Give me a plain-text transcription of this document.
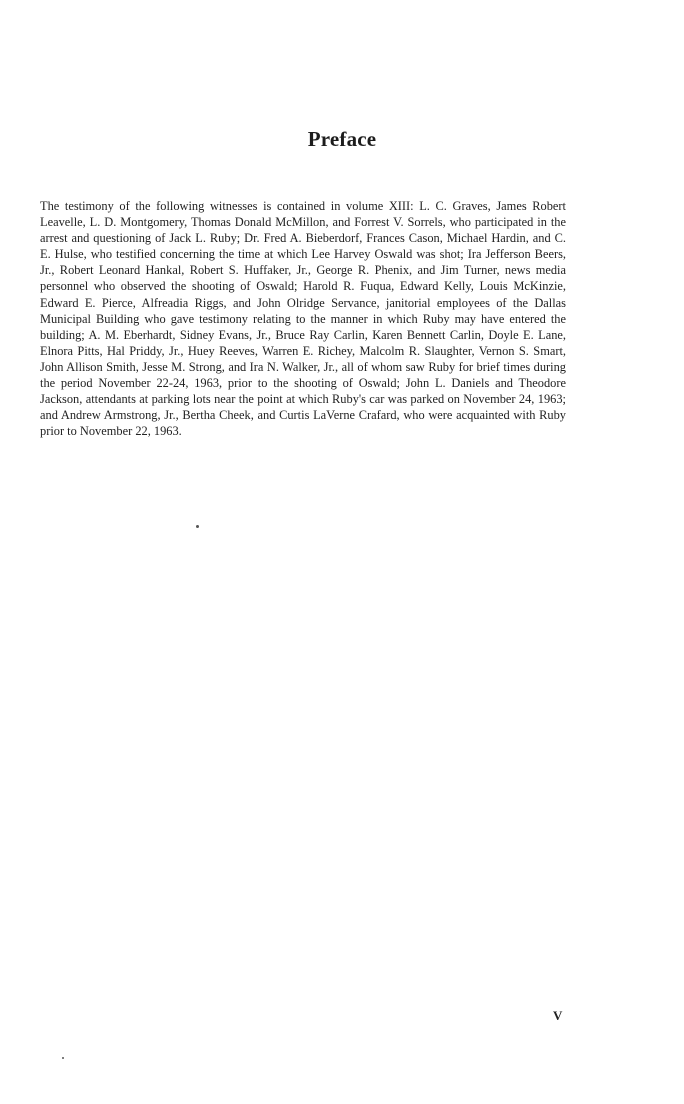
Preface
The testimony of the following witnesses is contained in volume XIII: L. C. Graves, James Robert Leavelle, L. D. Montgomery, Thomas Donald McMillon, and Forrest V. Sorrels, who participated in the arrest and questioning of Jack L. Ruby; Dr. Fred A. Bieberdorf, Frances Cason, Michael Hardin, and C. E. Hulse, who testified concerning the time at which Lee Harvey Oswald was shot; Ira Jefferson Beers, Jr., Robert Leonard Hankal, Robert S. Huffaker, Jr., George R. Phenix, and Jim Turner, news media personnel who observed the shooting of Oswald; Harold R. Fuqua, Edward Kelly, Louis McKinzie, Edward E. Pierce, Alfreadia Riggs, and John Olridge Servance, janitorial employees of the Dallas Municipal Building who gave testimony relating to the manner in which Ruby may have entered the building; A. M. Eberhardt, Sidney Evans, Jr., Bruce Ray Carlin, Karen Bennett Carlin, Doyle E. Lane, Elnora Pitts, Hal Priddy, Jr., Huey Reeves, Warren E. Richey, Malcolm R. Slaughter, Vernon S. Smart, John Allison Smith, Jesse M. Strong, and Ira N. Walker, Jr., all of whom saw Ruby for brief times during the period November 22-24, 1963, prior to the shooting of Oswald; John L. Daniels and Theodore Jackson, attendants at parking lots near the point at which Ruby's car was parked on November 24, 1963; and Andrew Armstrong, Jr., Bertha Cheek, and Curtis LaVerne Crafard, who were acquainted with Ruby prior to November 22, 1963.
V
